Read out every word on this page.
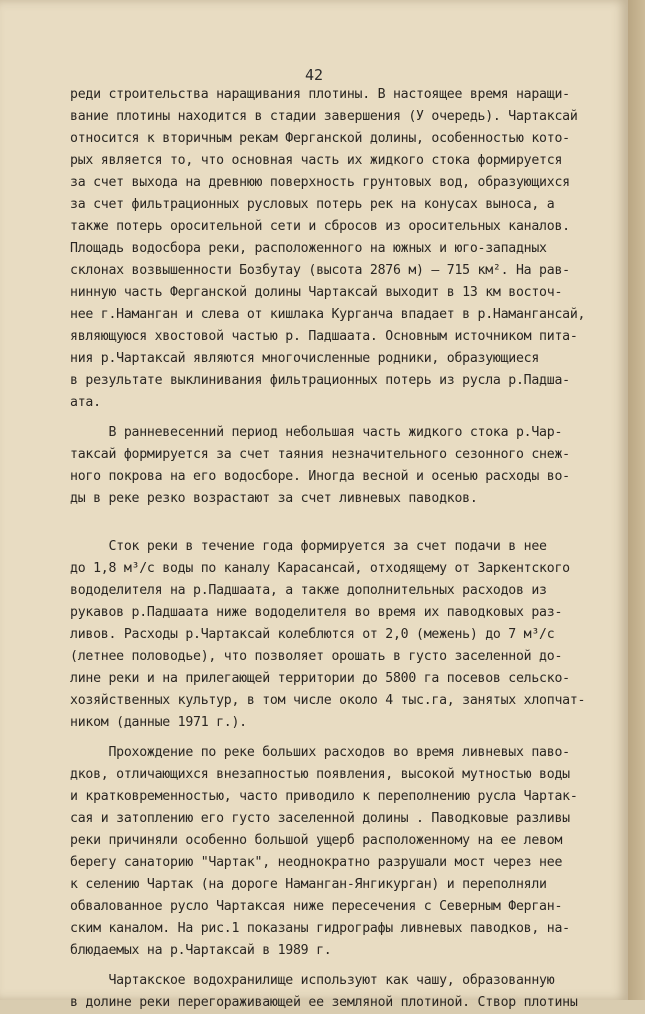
42

реди строительства наращивания плотины. В настоящее время наращи-

вание плотины находится в стадии завершения (У очередь). Чартаксай

относится к вторичным рекам Ферганской долины, особенностью кото-

рых является то, что основная часть их жидкого стока формируется

за счет выхода на древнюю поверхность грунтовых вод, образующихся

за счет фильтрационных русловых потерь рек на конусах выноса, а

также потерь оросительной сети и сбросов из оросительных каналов.

Площадь водосбора реки, расположенного на южных и юго-западных

склонах возвышенности Бозбутау (высота 2876 м) – 715 км². На рав-

нинную часть Ферганской долины Чартаксай выходит в 13 км восточ-

нее г.Наманган и слева от кишлака Курганча впадает в р.Намангансай,

являющуюся хвостовой частью р. Падшаата. Основным источником пита-

ния р.Чартаксай являются многочисленные родники, образующиеся

в результате выклинивания фильтрационных потерь из русла р.Падша-

ата.

В ранневесенний период небольшая часть жидкого стока р.Чар-

таксай формируется за счет таяния незначительного сезонного снеж-

ного покрова на его водосборе. Иногда весной и осенью расходы во-

ды в реке резко возрастают за счет ливневых паводков.

Сток реки в течение года формируется за счет подачи в нее

до 1,8 м³/с воды по каналу Карасансай, отходящему от Заркентского

вододелителя на р.Падшаата, а также дополнительных расходов из

рукавов р.Падшаата ниже вододелителя во время их паводковых раз-

ливов. Расходы р.Чартаксай колеблются от 2,0 (межень) до 7 м³/с

(летнее половодье), что позволяет орошать в густо заселенной до-

лине реки и на прилегающей территории до 5800 га посевов сельско-

хозяйственных культур, в том числе около 4 тыс.га, занятых хлопчат-

ником (данные 1971 г.).

Прохождение по реке больших расходов во время ливневых паво-

дков, отличающихся внезапностью появления, высокой мутностью воды

и кратковременностью, часто приводило к переполнению русла Чартак-

сая и затоплению его густо заселенной долины . Паводковые разливы

реки причиняли особенно большой ущерб расположенному на ее левом

берегу санаторию "Чартак", неоднократно разрушали мост через нее

к селению Чартак (на дороге Наманган-Янгикурган) и переполняли

обвалованное русло Чартаксая ниже пересечения с Северным Ферган-

ским каналом. На рис.1 показаны гидрографы ливневых паводков, на-

блюдаемых на р.Чартаксай в 1989 г.

Чартакское водохранилище используют как чашу, образованную

в долине реки перегораживающей ее земляной плотиной. Створ плотины
